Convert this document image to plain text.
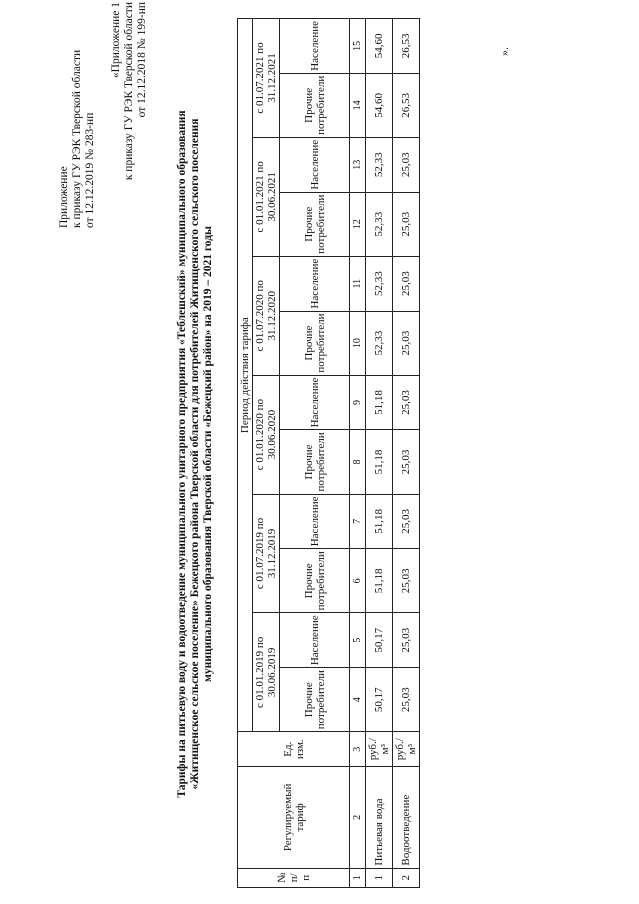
Приложение к приказу ГУ РЭК Тверской области от 12.12.2019 № 283-нп
«Приложение 1 к приказу ГУ РЭК Тверской области от 12.12.2018 № 199-нп
Тарифы на питьевую воду и водоотведение муниципального унитарного предприятия «Теблешский» муниципального образования «Житищенское сельское поселение» Бежецкого района Тверской области для потребителей Житищенского сельского поселения муниципального образования Тверской области «Бежецкий район» на 2019 – 2021 годы
№ п/п	Регулируемый тариф	Ед. изм.	Период действия тарифа											
			с 01.01.2019 по 30.06.2019		с 01.07.2019 по 31.12.2019		с 01.01.2020 по 30.06.2020		с 01.07.2020 по 31.12.2020		с 01.01.2021 по 30.06.2021		с 01.07.2021 по 31.12.2021	
			Прочие потребители	Население	Прочие потребители	Население	Прочие потребители	Население	Прочие потребители	Население	Прочие потребители	Население	Прочие потребители	Население
1	2	3	4	5	6	7	8	9	10	11	12	13	14	15
1	Питьевая вода	руб./м³	50,17	50,17	51,18	51,18	51,18	51,18	52,33	52,33	52,33	52,33	54,60	54,60
2	Водоотведение	руб./м³	25,03	25,03	25,03	25,03	25,03	25,03	25,03	25,03	25,03	25,03	26,53	26,53	».
